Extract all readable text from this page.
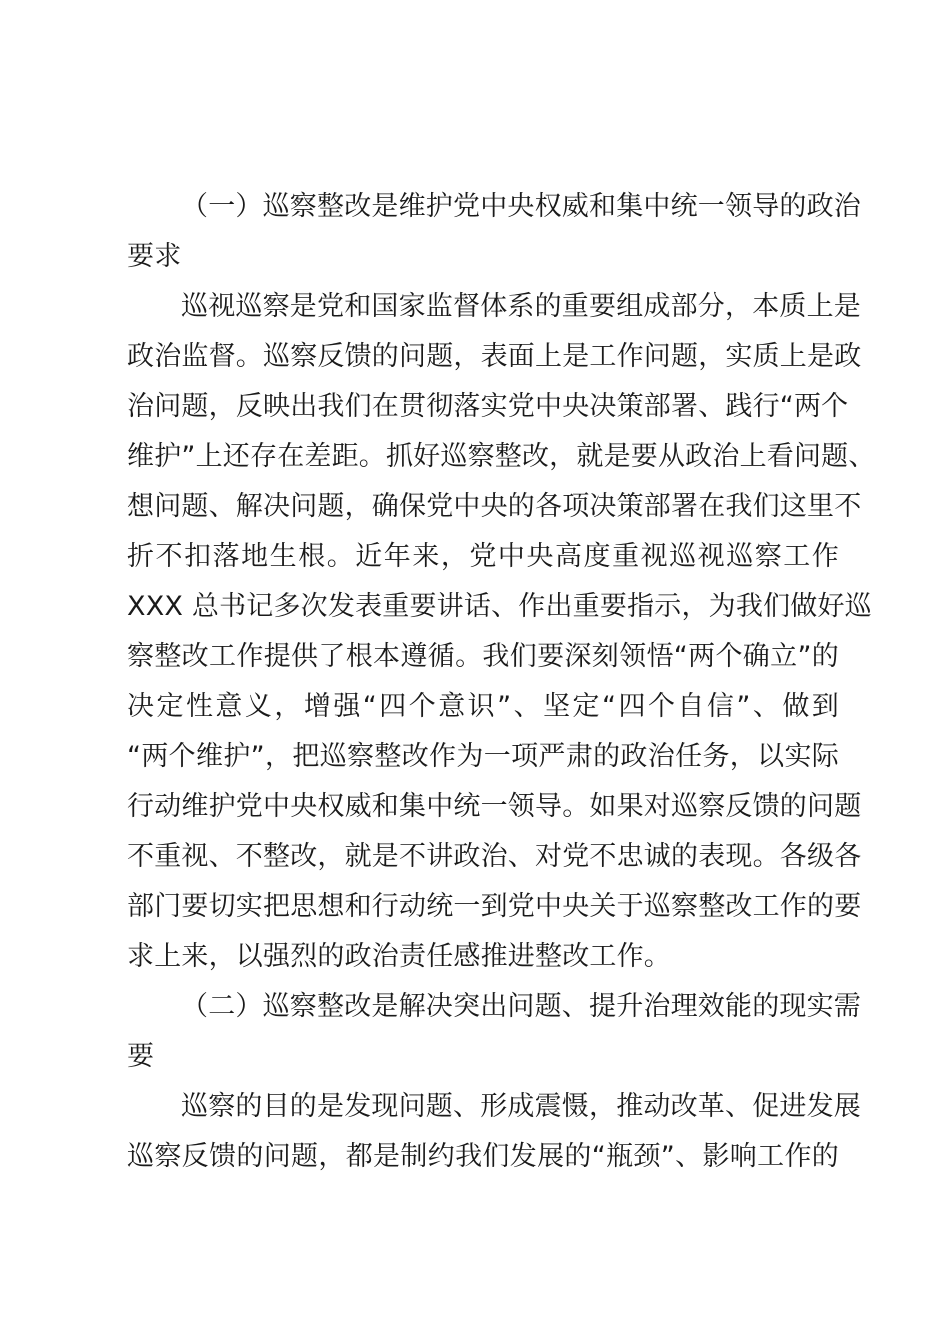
（一）巡察整改是维护党中央权威和集中统一领导的政治
要求
巡视巡察是党和国家监督体系的重要组成部分，本质上是
政治监督。巡察反馈的问题，表面上是工作问题，实质上是政
治问题，反映出我们在贯彻落实党中央决策部署、践行“两个
维护”上还存在差距。抓好巡察整改，就是要从政治上看问题、
想问题、解决问题，确保党中央的各项决策部署在我们这里不
折不扣落地生根。近年来，党中央高度重视巡视巡察工作
XXX 总书记多次发表重要讲话、作出重要指示，为我们做好巡
察整改工作提供了根本遵循。我们要深刻领悟“两个确立”的
决定性意义，增强“四个意识”、坚定“四个自信”、做到
“两个维护”，把巡察整改作为一项严肃的政治任务，以实际
行动维护党中央权威和集中统一领导。如果对巡察反馈的问题
不重视、不整改，就是不讲政治、对党不忠诚的表现。各级各
部门要切实把思想和行动统一到党中央关于巡察整改工作的要
求上来，以强烈的政治责任感推进整改工作。
（二）巡察整改是解决突出问题、提升治理效能的现实需
要
巡察的目的是发现问题、形成震慑，推动改革、促进发展
巡察反馈的问题，都是制约我们发展的“瓶颈”、影响工作的
